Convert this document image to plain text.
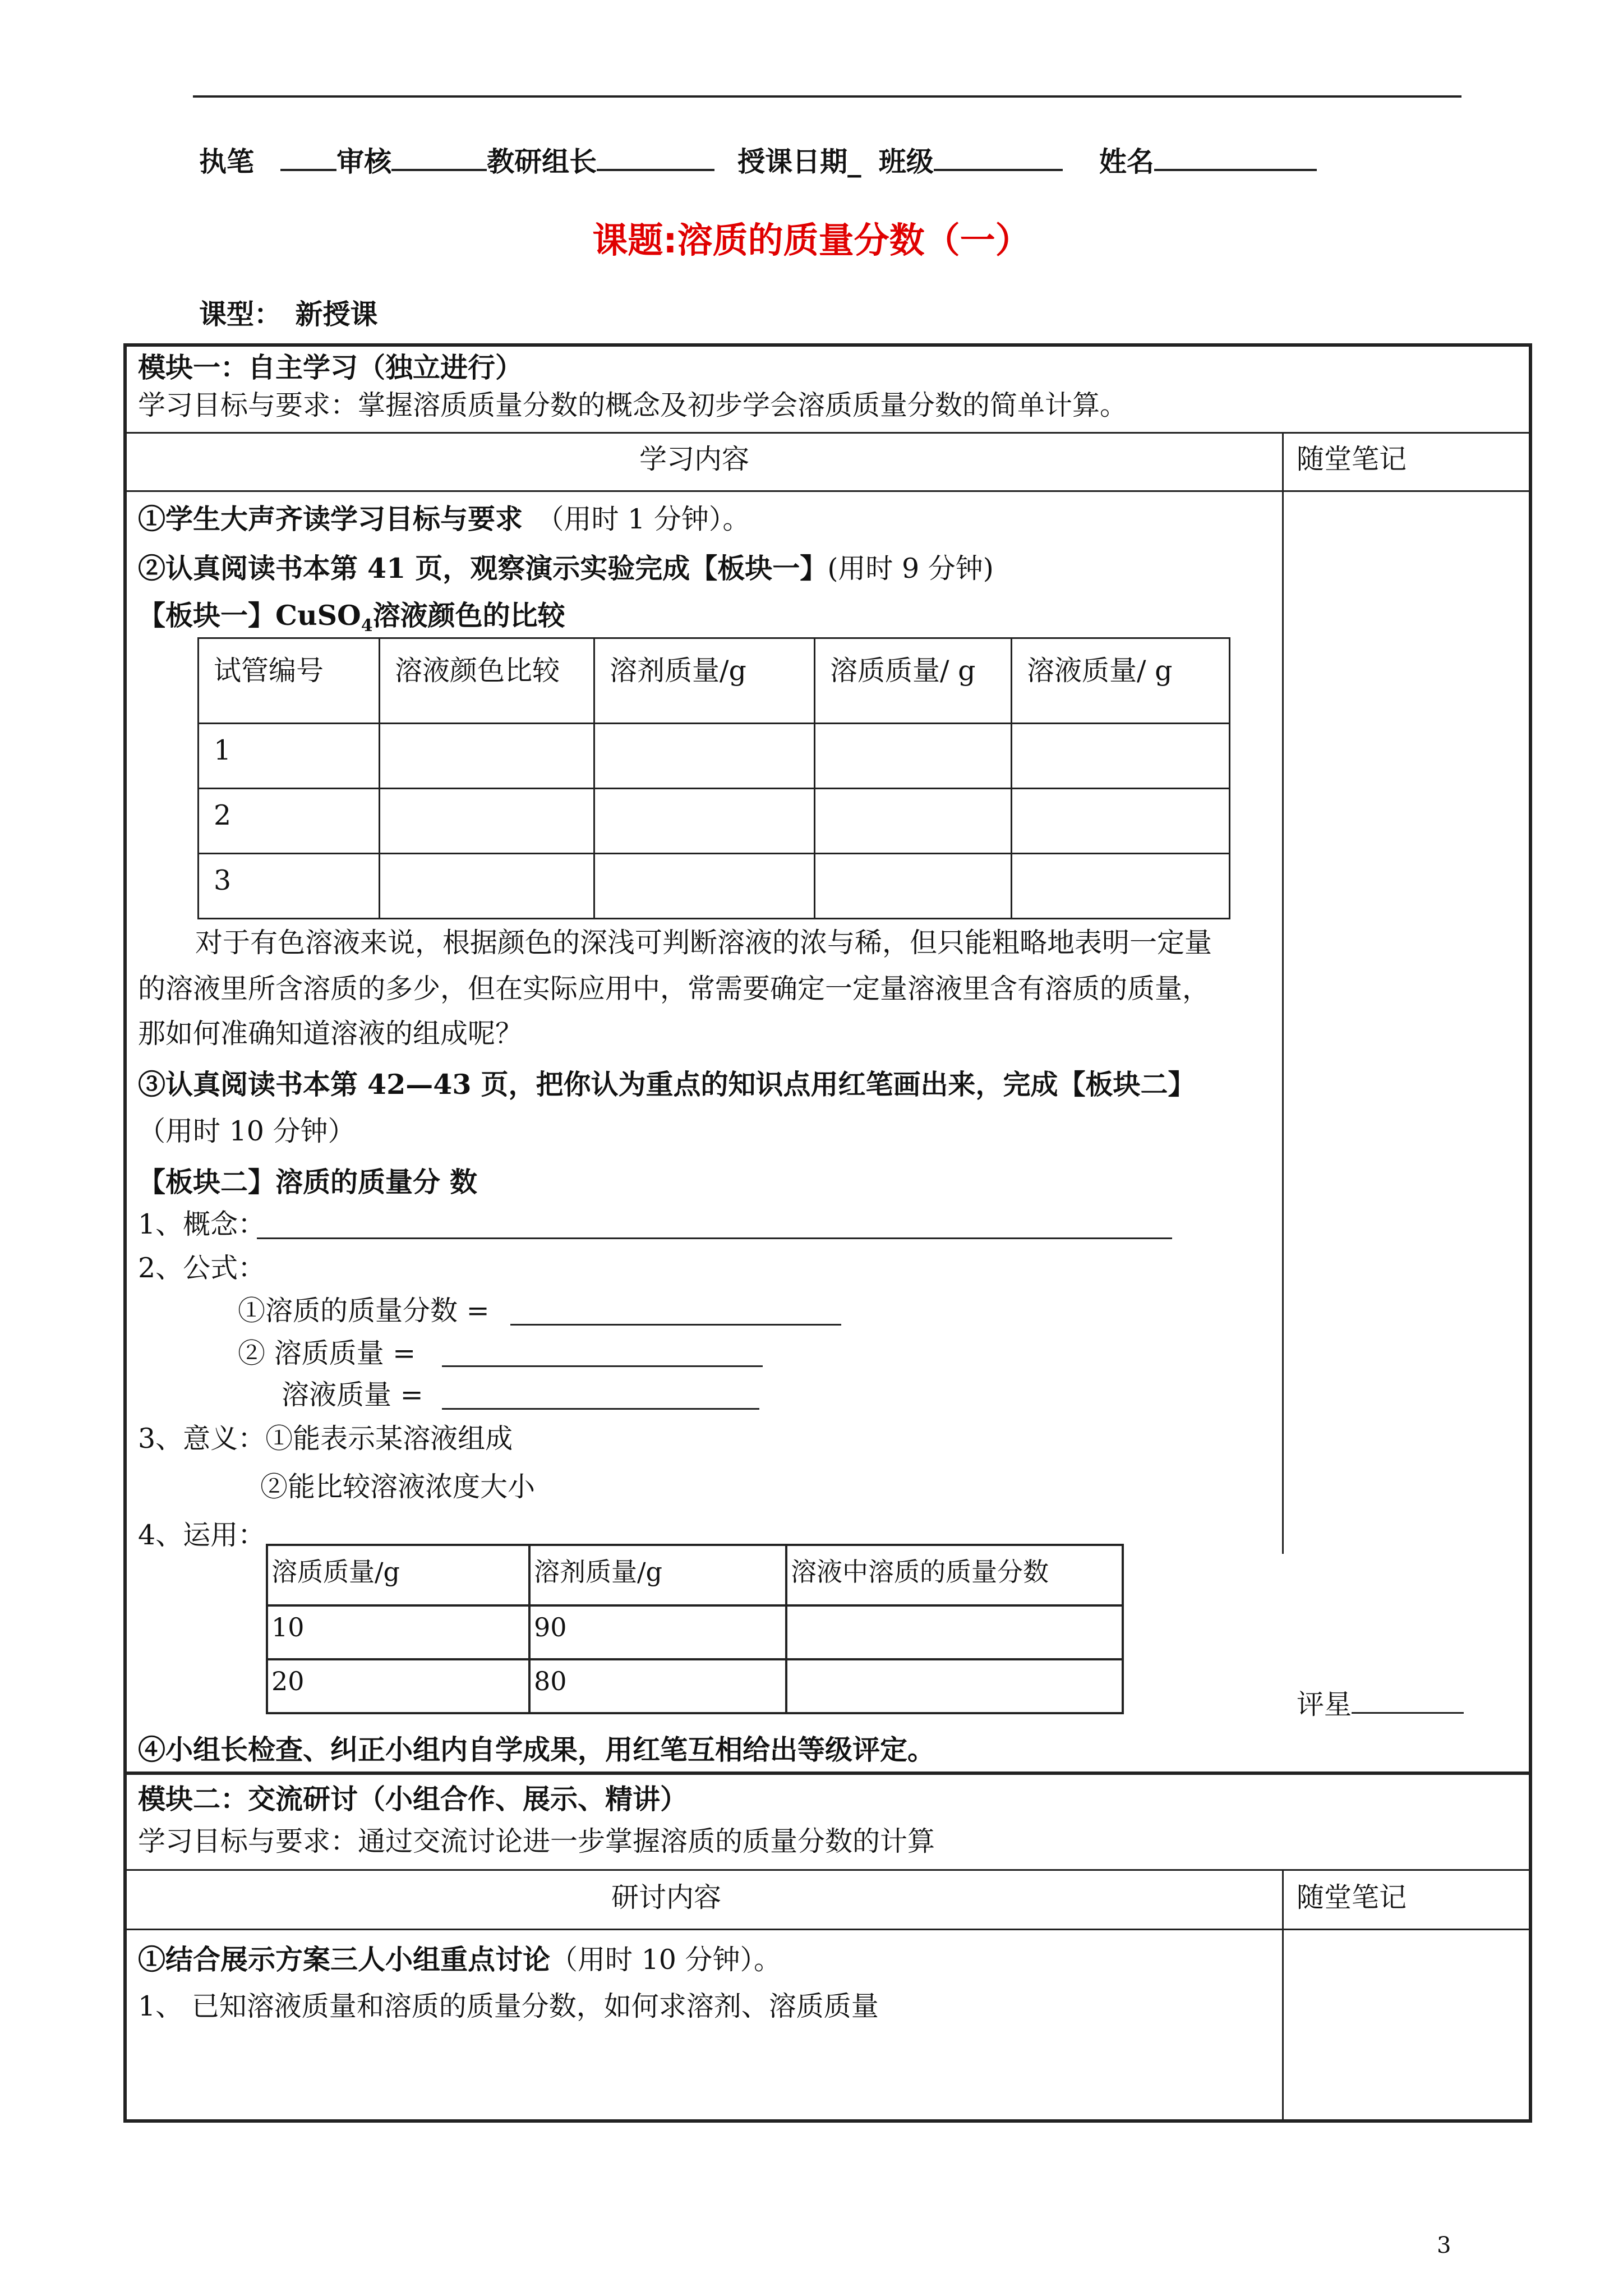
执笔	审核	教研组长	授课日期_ 班级	姓名
课题:溶质的质量分数（一）
课型：　新授课
模块一：自主学习（独立进行）
学习目标与要求：掌握溶质质量分数的概念及初步学会溶质质量分数的简单计算。
学习内容	随堂笔记
①学生大声齐读学习目标与要求　（用时 1 分钟）。
②认真阅读书本第 41 页，观察演示实验完成【板块一】(用时 9 分钟)
【板块一】CuSO$_4$溶液颜色的比较
试管编号	溶液颜色比较	溶剂质量/g	溶质质量/ g	溶液质量/ g
1				
2				
3				
对于有色溶液来说，根据颜色的深浅可判断溶液的浓与稀，但只能粗略地表明一定量
的溶液里所含溶质的多少，但在实际应用中，常需要确定一定量溶液里含有溶质的质量，
那如何准确知道溶液的组成呢？
③认真阅读书本第 42—43 页，把你认为重点的知识点用红笔画出来，完成【板块二】
（用时 10 分钟）
【板块二】溶质的质量分 数
1、概念：
2、公式：
①溶质的质量分数 =
② 溶质质量 =
溶液质量 =
3、意义：①能表示某溶液组成
②能比较溶液浓度大小
4、运用：
溶质质量/g	溶剂质量/g	溶液中溶质的质量分数
10	90	
20	80	
评星
④小组长检查、纠正小组内自学成果，用红笔互相给出等级评定。
模块二：交流研讨（小组合作、展示、精讲）
学习目标与要求：通过交流讨论进一步掌握溶质的质量分数的计算
研讨内容	随堂笔记
①结合展示方案三人小组重点讨论（用时 10 分钟）。
1、 已知溶液质量和溶质的质量分数，如何求溶剂、溶质质量
3
